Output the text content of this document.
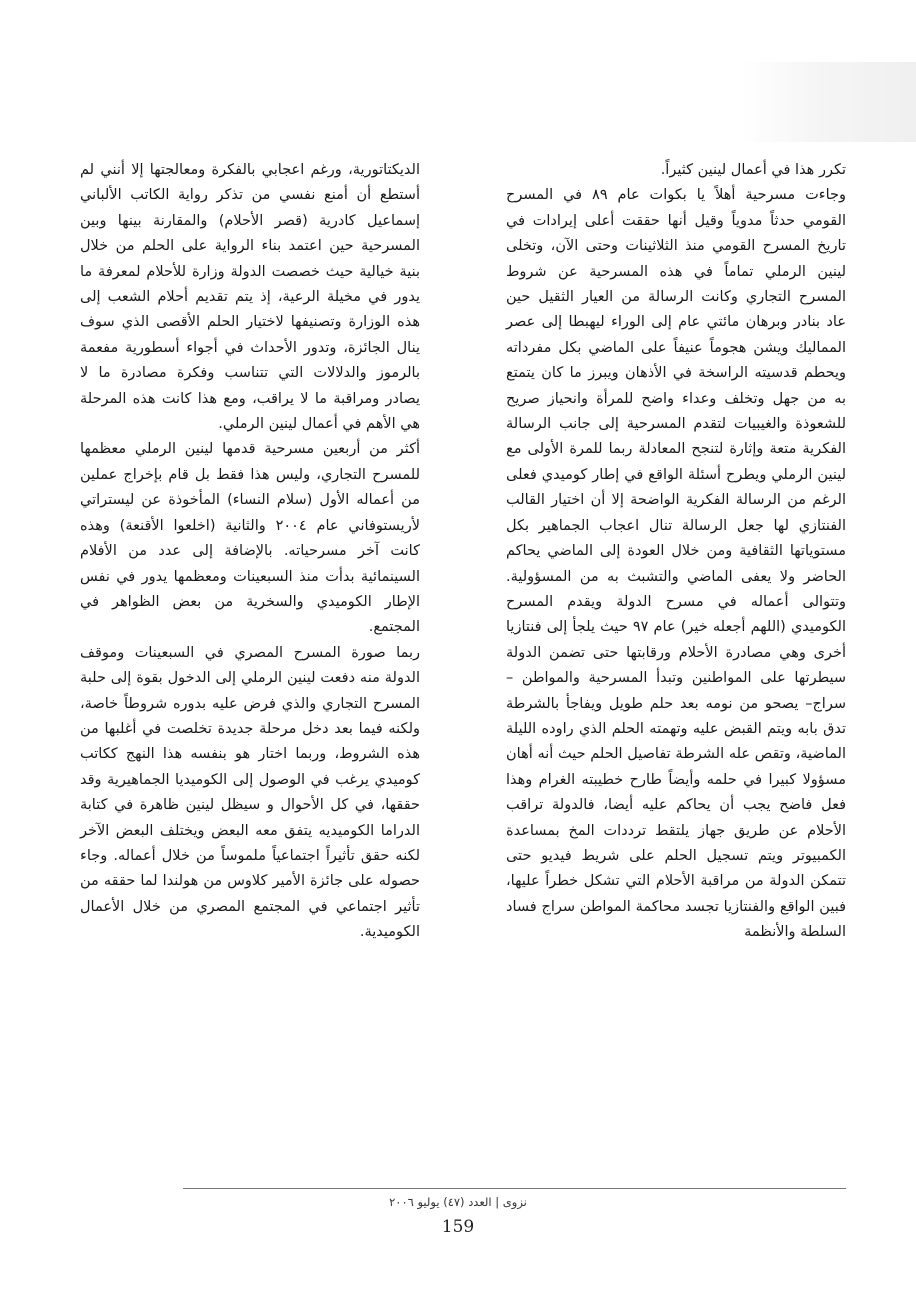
تكرر هذا في أعمال لينين كثيراً.

وجاءت مسرحية أهلاً يا بكوات عام ٨٩ في المسرح القومي حدثاً مدوياً وقيل أنها حققت أعلى إيرادات في تاريخ المسرح القومي منذ الثلاثينات وحتى الآن، وتخلى لينين الرملي تماماً في هذه المسرحية عن شروط المسرح التجاري وكانت الرسالة من العيار الثقيل حين عاد بنادر وبرهان مائتي عام إلى الوراء ليهبطا إلى عصر المماليك ويشن هجوماً عنيفاً على الماضي بكل مفرداته ويحطم قدسيته الراسخة في الأذهان ويبرز ما كان يتمتع به من جهل وتخلف وعداء واضح للمرأة وانحياز صريح للشعوذة والغيبيات لتقدم المسرحية إلى جانب الرسالة الفكرية متعة وإثارة لتنجح المعادلة ربما للمرة الأولى مع لينين الرملي ويطرح أسئلة الواقع في إطار كوميدي فعلى الرغم من الرسالة الفكرية الواضحة إلا أن اختيار القالب الفنتازي لها جعل الرسالة تنال اعجاب الجماهير بكل مستوياتها الثقافية ومن خلال العودة إلى الماضي يحاكم الحاضر ولا يعفى الماضي والتشبث به من المسؤولية. وتتوالى أعماله في مسرح الدولة ويقدم المسرح الكوميدي (اللهم أجعله خير) عام ٩٧ حيث يلجأ إلى فنتازيا أخرى وهي مصادرة الأحلام ورقابتها حتى تضمن الدولة سيطرتها على المواطنين وتبدأ المسرحية والمواطن – سراج– يصحو من نومه بعد حلم طويل ويفاجأ بالشرطة تدق بابه ويتم القبض عليه وتهمته الحلم الذي راوده الليلة الماضية، وتقص عله الشرطة تفاصيل الحلم حيث أنه أهان مسؤولا كبيرا في حلمه وأيضاً طارح خطيبته الغرام وهذا فعل فاضح يجب أن يحاكم عليه أيضا، فالدولة تراقب الأحلام عن طريق جهاز يلتقط ترددات المخ بمساعدة الكمبيوتر ويتم تسجيل الحلم على شريط فيديو حتى تتمكن الدولة من مراقبة الأحلام التي تشكل خطراً عليها، فبين الواقع والفنتازيا تجسد محاكمة المواطن سراج فساد السلطة والأنظمة

الديكتاتورية، ورغم اعجابي بالفكرة ومعالجتها إلا أنني لم أستطع أن أمنع نفسي من تذكر رواية الكاتب الألباني إسماعيل كادرية (قصر الأحلام) والمقارنة بينها وبين المسرحية حين اعتمد بناء الرواية على الحلم من خلال بنية خيالية حيث خصصت الدولة وزارة للأحلام لمعرفة ما يدور في مخيلة الرعية، إذ يتم تقديم أحلام الشعب إلى هذه الوزارة وتصنيفها لاختيار الحلم الأقصى الذي سوف ينال الجائزة، وتدور الأحداث في أجواء أسطورية مفعمة بالرموز والدلالات التي تتناسب وفكرة مصادرة ما لا يصادر ومراقبة ما لا يراقب، ومع هذا كانت هذه المرحلة هي الأهم في أعمال لينين الرملي.

أكثر من أربعين مسرحية قدمها لينين الرملي معظمها للمسرح التجاري، وليس هذا فقط بل قام بإخراج عملين من أعماله الأول (سلام النساء) المأخوذة عن ليستراتي لأريستوفاني عام ٢٠٠٤ والثانية (اخلعوا الأقنعة) وهذه كانت آخر مسرحياته. بالإضافة إلى عدد من الأفلام السينمائية بدأت منذ السبعينات ومعظمها يدور في نفس الإطار الكوميدي والسخرية من بعض الظواهر في المجتمع.

ربما صورة المسرح المصري في السبعينات وموقف الدولة منه دفعت لينين الرملي إلى الدخول بقوة إلى حلبة المسرح التجاري والذي فرض عليه بدوره شروطاً خاصة، ولكنه فيما بعد دخل مرحلة جديدة تخلصت في أغلبها من هذه الشروط، وربما اختار هو بنفسه هذا النهج ككاتب كوميدي يرغب في الوصول إلى الكوميديا الجماهيرية وقد حققها، في كل الأحوال و سيظل لينين ظاهرة في كتابة الدراما الكوميديه يتفق معه البعض ويختلف البعض الآخر لكنه حقق تأثيراً اجتماعياً ملموساً من خلال أعماله. وجاء حصوله على جائزة الأمير كلاوس من هولندا لما حققه من تأثير اجتماعي في المجتمع المصري من خلال الأعمال الكوميدية.

نزوى | العدد (٤٧) يوليو ٢٠٠٦
159
